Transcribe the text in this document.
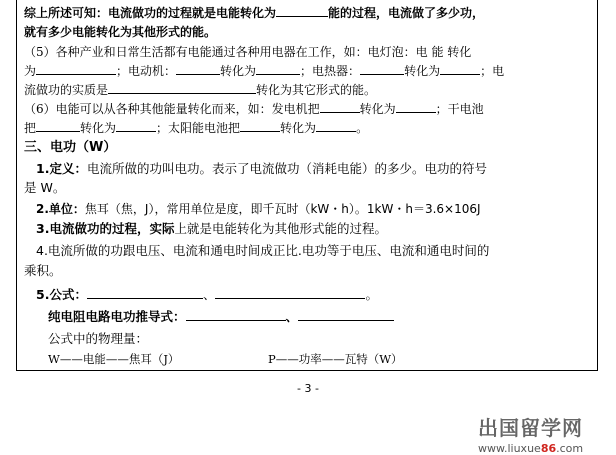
综上所述可知：电流做功的过程就是电能转化为	能的过程，电流做了多少功，
就有多少电能转化为其他形式的能。
（5）各种产业和日常生活都有电能通过各种用电器在工作，如：电灯泡：电 能 转化
为	；电动机：	转化为	；电热器：	转化为	；电
流做功的实质是	转化为其它形式的能。
（6）电能可以从各种其他能量转化而来，如：发电机把	转化为	；干电池
把	转化为	；太阳能电池把	转化为	。
三、电功（W）
1.定义：电流所做的功叫电功。表示了电流做功（消耗电能）的多少。电功的符号
是 W。
2.单位：焦耳（焦，J），常用单位是度，即千瓦时（kW・h）。1kW・h＝3.6×106J
3.电流做功的过程，实际上就是电能转化为其他形式能的过程。
4.电流所做的功跟电压、电流和通电时间成正比.电功等于电压、电流和通电时间的
乘积。
5.公式：	、	。
纯电阻电路电功推导式：	、
公式中的物理量：
W——电能——焦耳（J）	P——功率——瓦特（W）
- 3 -
出国留学网
www.liuxue86.com
